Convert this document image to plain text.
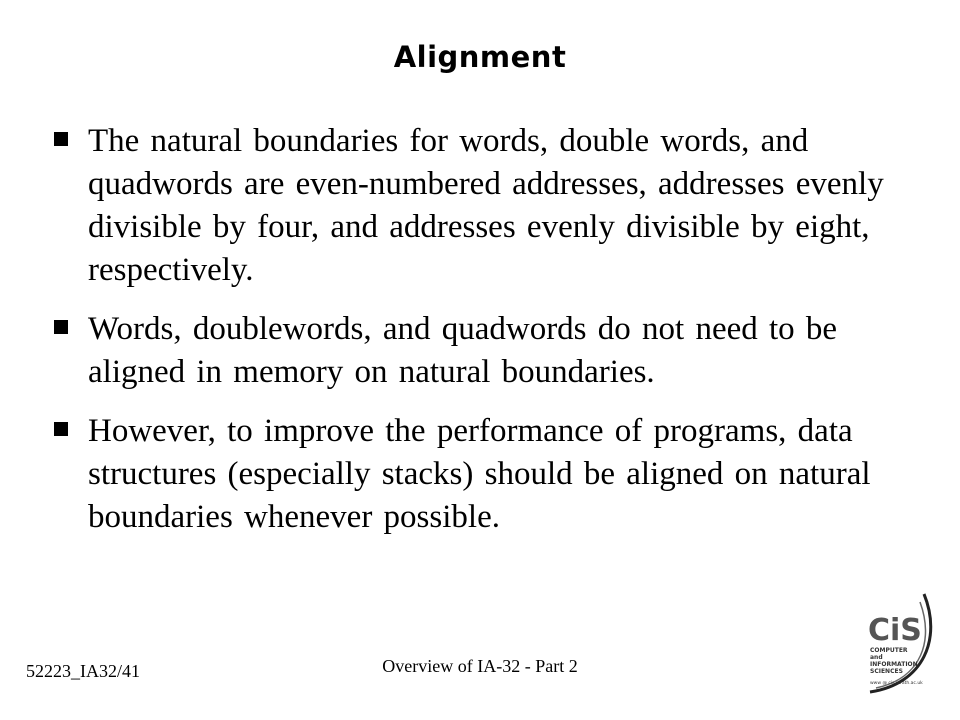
Alignment
The natural boundaries for words, double words, and quadwords are even-numbered addresses, addresses evenly divisible by four, and addresses evenly divisible by eight, respectively.
Words, doublewords, and quadwords do not need to be aligned in memory on natural boundaries.
However, to improve the performance of programs, data structures (especially stacks) should be aligned on natural boundaries whenever possible.
52223_IA32/41	Overview of IA-32 - Part 2
CiS
COMPUTER
and
INFORMATION
SCIENCES
www @ cis.strath.ac.uk
